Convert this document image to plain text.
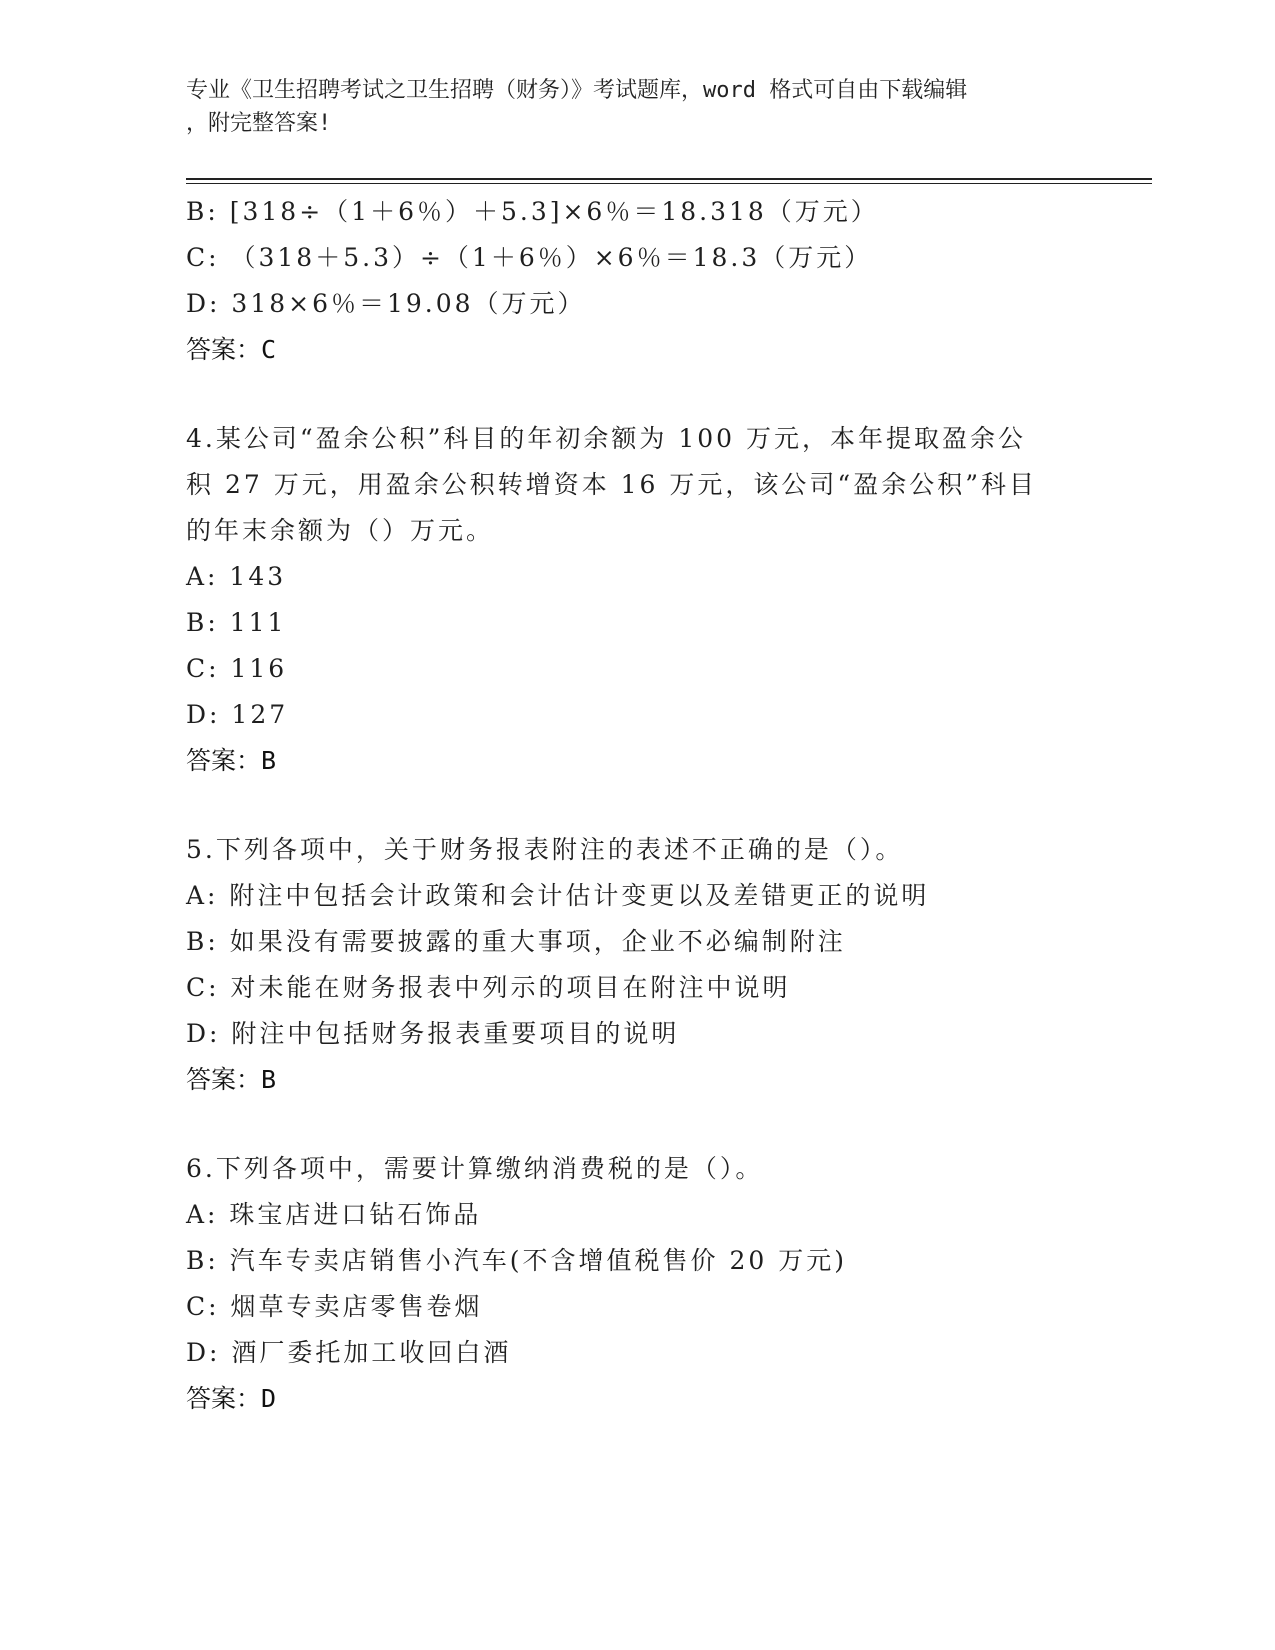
专业《卫生招聘考试之卫生招聘（财务）》考试题库，word 格式可自由下载编辑
，附完整答案!
B: [318÷（1＋6％）＋5.3]×6％＝18.318（万元）
C: （318＋5.3）÷（1＋6％）×6％＝18.3（万元）
D: 318×6％＝19.08（万元）
答案：C
4.某公司“盈余公积”科目的年初余额为 100 万元，本年提取盈余公
积 27 万元，用盈余公积转增资本 16 万元，该公司“盈余公积”科目
的年末余额为（）万元。
A: 143
B: 111
C: 116
D: 127
答案：B
5.下列各项中，关于财务报表附注的表述不正确的是（）。
A: 附注中包括会计政策和会计估计变更以及差错更正的说明
B: 如果没有需要披露的重大事项，企业不必编制附注
C: 对未能在财务报表中列示的项目在附注中说明
D: 附注中包括财务报表重要项目的说明
答案：B
6.下列各项中，需要计算缴纳消费税的是（）。
A: 珠宝店进口钻石饰品
B: 汽车专卖店销售小汽车(不含增值税售价 20 万元)
C: 烟草专卖店零售卷烟
D: 酒厂委托加工收回白酒
答案：D
